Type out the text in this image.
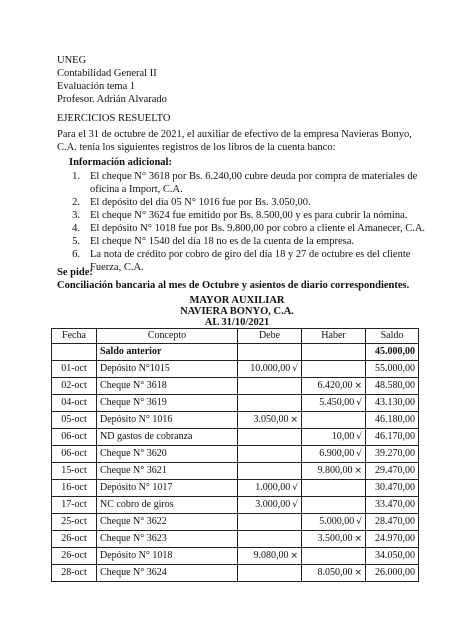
UNEG
Contabilidad General II
Evaluación tema 1
Profesor. Adrián Alvarado
EJERCICIOS RESUELTO
Para el 31 de octubre de 2021, el auxiliar de efectivo de la empresa Navieras Bonyo, C.A. tenía los siguientes registros de los libros de la cuenta banco:
Información adicional:
1. El cheque N° 3618 por Bs. 6.240,00 cubre deuda por compra de materiales de oficina a Import, C.A.
2. El depósito del día 05 N° 1016 fue por Bs. 3.050,00.
3. El cheque N° 3624 fue emitido por Bs. 8.500,00 y es para cubrir la nómina.
4. El depósito N° 1018 fue por Bs. 9.800,00 por cobro a cliente el Amanecer, C.A.
5. El cheque N° 1540 del día 18 no es de la cuenta de la empresa.
6. La nota de crédito por cobro de giro del día 18 y 27 de octubre es del cliente Fuerza, C.A.
Se pide:
Conciliación bancaria al mes de Octubre y asientos de diario correspondientes.
MAYOR AUXILIAR
NAVIERA BONYO, C.A.
AL 31/10/2021
Fecha	Concepto	Debe	Haber	Saldo
	Saldo anterior			45.000,00
01-oct	Depósito N°1015	10.000,00 √		55.000,00
02-oct	Cheque N° 3618		6.420,00 ×	48.580,00
04-oct	Cheque N° 3619		5.450,00 √	43.130,00
05-oct	Depósito N° 1016	3.050,00 ×		46.180,00
06-oct	ND gastos de cobranza		10,00 √	46.170,00
06-oct	Cheque N° 3620		6.900,00 √	39.270,00
15-oct	Cheque N° 3621		9.800,00 ×	29.470,00
16-oct	Depósito N° 1017	1.000,00 √		30.470,00
17-oct	NC cobro de giros	3.000,00 √		33.470,00
25-oct	Cheque N° 3622		5.000,00 √	28.470,00
26-oct	Cheque N° 3623		3.500,00 ×	24.970,00
26-oct	Depósito N° 1018	9.080,00 ×		34.050,00
28-oct	Cheque N° 3624		8.050,00 ×	26.000,00
